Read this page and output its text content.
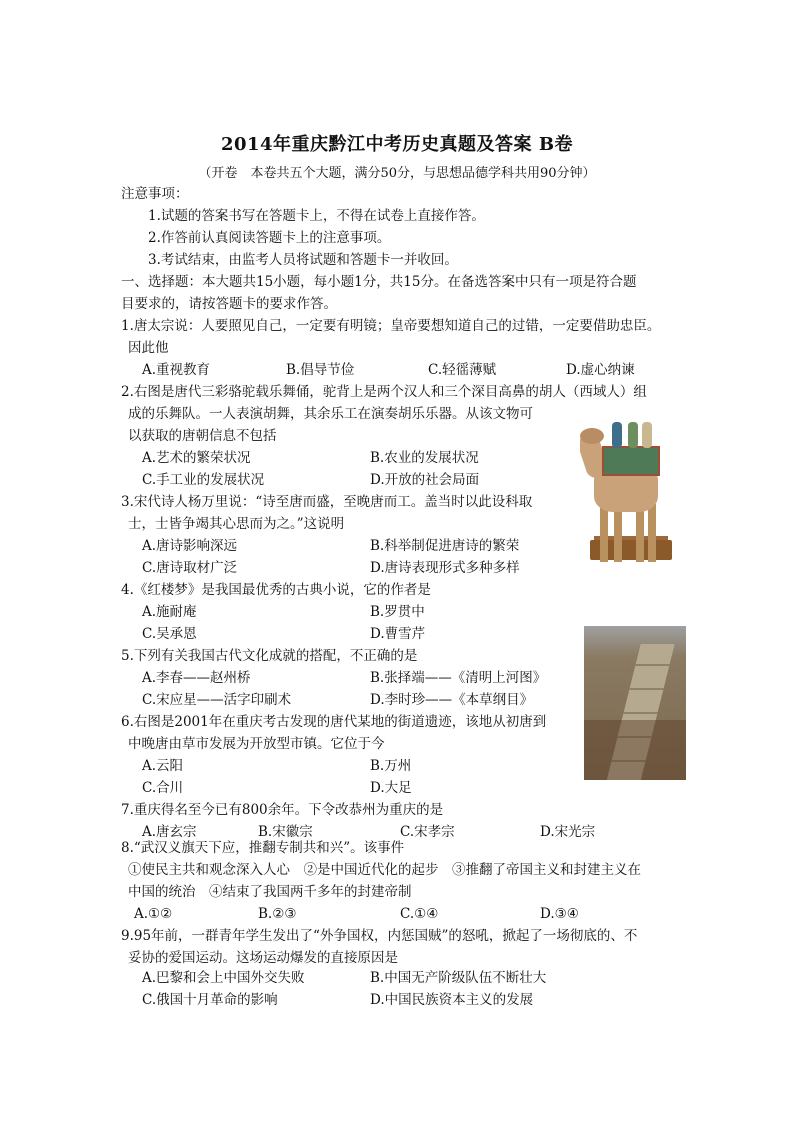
2014年重庆黔江中考历史真题及答案 B卷
（开卷　本卷共五个大题，满分50分，与思想品德学科共用90分钟）
注意事项：
1.试题的答案书写在答题卡上，不得在试卷上直接作答。
2.作答前认真阅读答题卡上的注意事项。
3.考试结束，由监考人员将试题和答题卡一并收回。
一、选择题：本大题共15小题，每小题1分，共15分。在备选答案中只有一项是符合题
目要求的，请按答题卡的要求作答。
1.唐太宗说：人要照见自己，一定要有明镜；皇帝要想知道自己的过错，一定要借助忠臣。
因此他
A.重视教育	B.倡导节俭	C.轻徭薄赋	D.虚心纳谏
2.右图是唐代三彩骆驼载乐舞俑，驼背上是两个汉人和三个深目高鼻的胡人（西域人）组
成的乐舞队。一人表演胡舞，其余乐工在演奏胡乐乐器。从该文物可
以获取的唐朝信息不包括
A.艺术的繁荣状况	B.农业的发展状况
C.手工业的发展状况	D.开放的社会局面
3.宋代诗人杨万里说：“诗至唐而盛，至晚唐而工。盖当时以此设科取
士，士皆争竭其心思而为之。”这说明
A.唐诗影响深远	B.科举制促进唐诗的繁荣
C.唐诗取材广泛	D.唐诗表现形式多种多样
4.《红楼梦》是我国最优秀的古典小说，它的作者是
A.施耐庵	B.罗贯中
C.吴承恩	D.曹雪芹
5.下列有关我国古代文化成就的搭配，不正确的是
A.李春——赵州桥	B.张择端——《清明上河图》
C.宋应星——活字印刷术	D.李时珍——《本草纲目》
6.右图是2001年在重庆考古发现的唐代某地的街道遗迹，该地从初唐到
中晚唐由草市发展为开放型市镇。它位于今
A.云阳	B.万州
C.合川	D.大足
7.重庆得名至今已有800余年。下令改恭州为重庆的是
A.唐玄宗	B.宋徽宗	C.宋孝宗	D.宋光宗
8.“武汉义旗天下应，推翻专制共和兴”。该事件
①使民主共和观念深入人心　②是中国近代化的起步　③推翻了帝国主义和封建主义在
中国的统治　④结束了我国两千多年的封建帝制
A.①②	B.②③	C.①④	D.③④
9.95年前，一群青年学生发出了“外争国权，内惩国贼”的怒吼，掀起了一场彻底的、不
妥协的爱国运动。这场运动爆发的直接原因是
A.巴黎和会上中国外交失败	B.中国无产阶级队伍不断壮大
C.俄国十月革命的影响	D.中国民族资本主义的发展
